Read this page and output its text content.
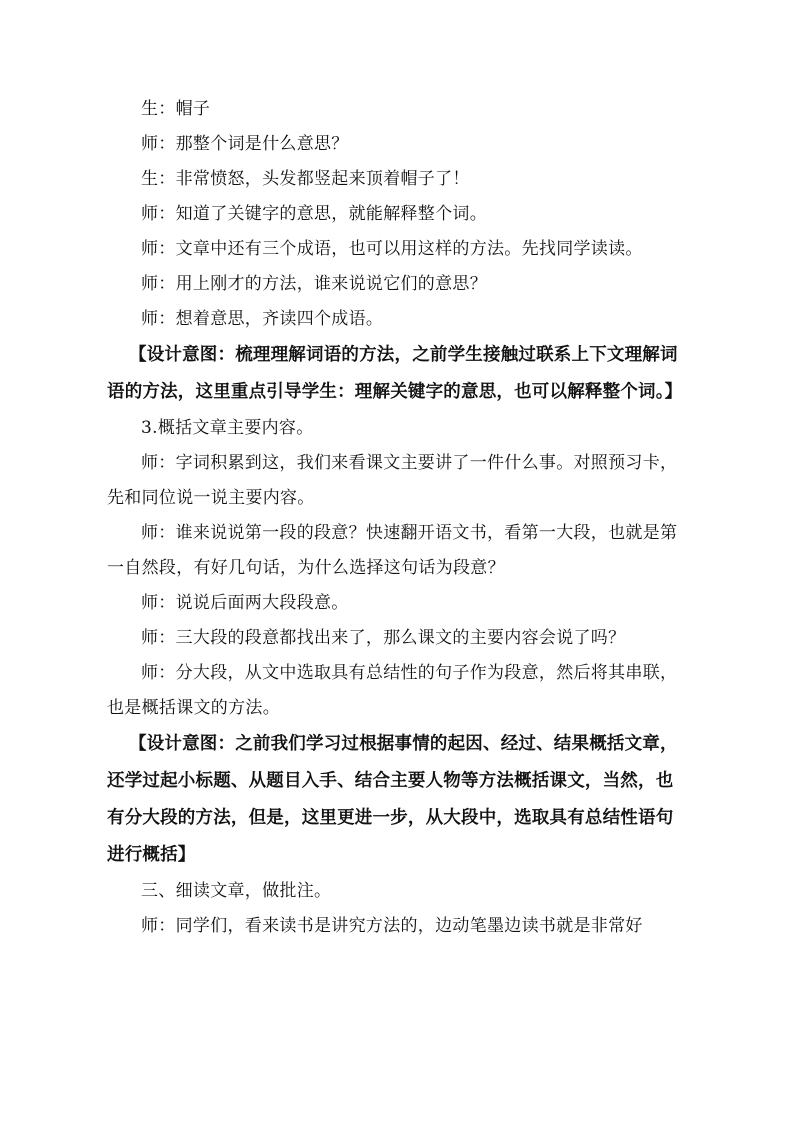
生：帽子

师：那整个词是什么意思？

生：非常愤怒，头发都竖起来顶着帽子了！

师：知道了关键字的意思，就能解释整个词。

师：文章中还有三个成语，也可以用这样的方法。先找同学读读。

师：用上刚才的方法，谁来说说它们的意思？

师：想着意思，齐读四个成语。

【设计意图：梳理理解词语的方法，之前学生接触过联系上下文理解词语的方法，这里重点引导学生：理解关键字的意思，也可以解释整个词。】

3.概括文章主要内容。

师：字词积累到这，我们来看课文主要讲了一件什么事。对照预习卡，先和同位说一说主要内容。

师：谁来说说第一段的段意？快速翻开语文书，看第一大段，也就是第一自然段，有好几句话，为什么选择这句话为段意？

师：说说后面两大段段意。

师：三大段的段意都找出来了，那么课文的主要内容会说了吗？

师：分大段，从文中选取具有总结性的句子作为段意，然后将其串联，也是概括课文的方法。

【设计意图：之前我们学习过根据事情的起因、经过、结果概括文章，还学过起小标题、从题目入手、结合主要人物等方法概括课文，当然，也有分大段的方法，但是，这里更进一步，从大段中，选取具有总结性语句进行概括】

三、细读文章，做批注。

师：同学们，看来读书是讲究方法的，边动笔墨边读书就是非常好
